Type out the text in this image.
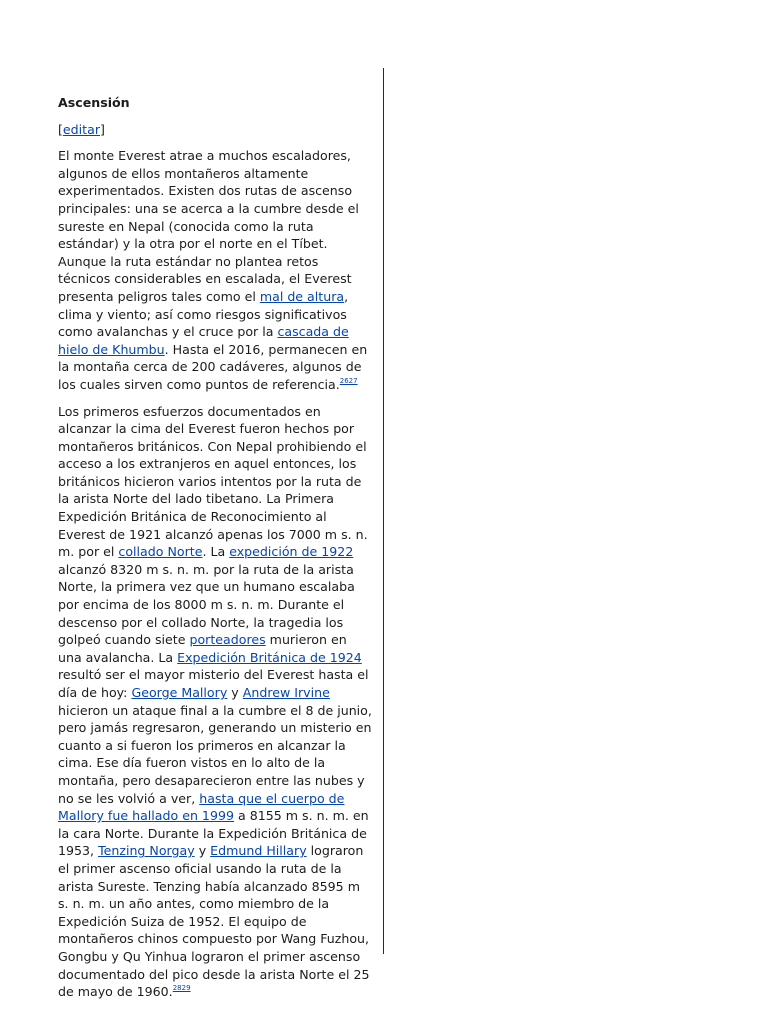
Ascensión
[editar]

El monte Everest atrae a muchos escaladores, algunos de ellos montañeros altamente experimentados. Existen dos rutas de ascenso principales: una se acerca a la cumbre desde el sureste en Nepal (conocida como la ruta estándar) y la otra por el norte en el Tíbet. Aunque la ruta estándar no plantea retos técnicos considerables en escalada, el Everest presenta peligros tales como el mal de altura, clima y viento; así como riesgos significativos como avalanchas y el cruce por la cascada de hielo de Khumbu. Hasta el 2016, permanecen en la montaña cerca de 200 cadáveres, algunos de los cuales sirven como puntos de referencia.$^{2627}$

Los primeros esfuerzos documentados en alcanzar la cima del Everest fueron hechos por montañeros británicos. Con Nepal prohibiendo el acceso a los extranjeros en aquel entonces, los británicos hicieron varios intentos por la ruta de la arista Norte del lado tibetano. La Primera Expedición Británica de Reconocimiento al Everest de 1921 alcanzó apenas los 7000 m s. n. m. por el collado Norte. La expedición de 1922 alcanzó 8320 m s. n. m. por la ruta de la arista Norte, la primera vez que un humano escalaba por encima de los 8000 m s. n. m. Durante el descenso por el collado Norte, la tragedia los golpeó cuando siete porteadores murieron en una avalancha. La Expedición Británica de 1924 resultó ser el mayor misterio del Everest hasta el día de hoy: George Mallory y Andrew Irvine hicieron un ataque final a la cumbre el 8 de junio, pero jamás regresaron, generando un misterio en cuanto a si fueron los primeros en alcanzar la cima. Ese día fueron vistos en lo alto de la montaña, pero desaparecieron entre las nubes y no se les volvió a ver, hasta que el cuerpo de Mallory fue hallado en 1999 a 8155 m s. n. m. en la cara Norte. Durante la Expedición Británica de 1953, Tenzing Norgay y Edmund Hillary lograron el primer ascenso oficial usando la ruta de la arista Sureste. Tenzing había alcanzado 8595 m s. n. m. un año antes, como miembro de la Expedición Suiza de 1952. El equipo de montañeros chinos compuesto por Wang Fuzhou, Gongbu y Qu Yinhua lograron el primer ascenso documentado del pico desde la arista Norte el 25 de mayo de 1960.$^{2829}$
